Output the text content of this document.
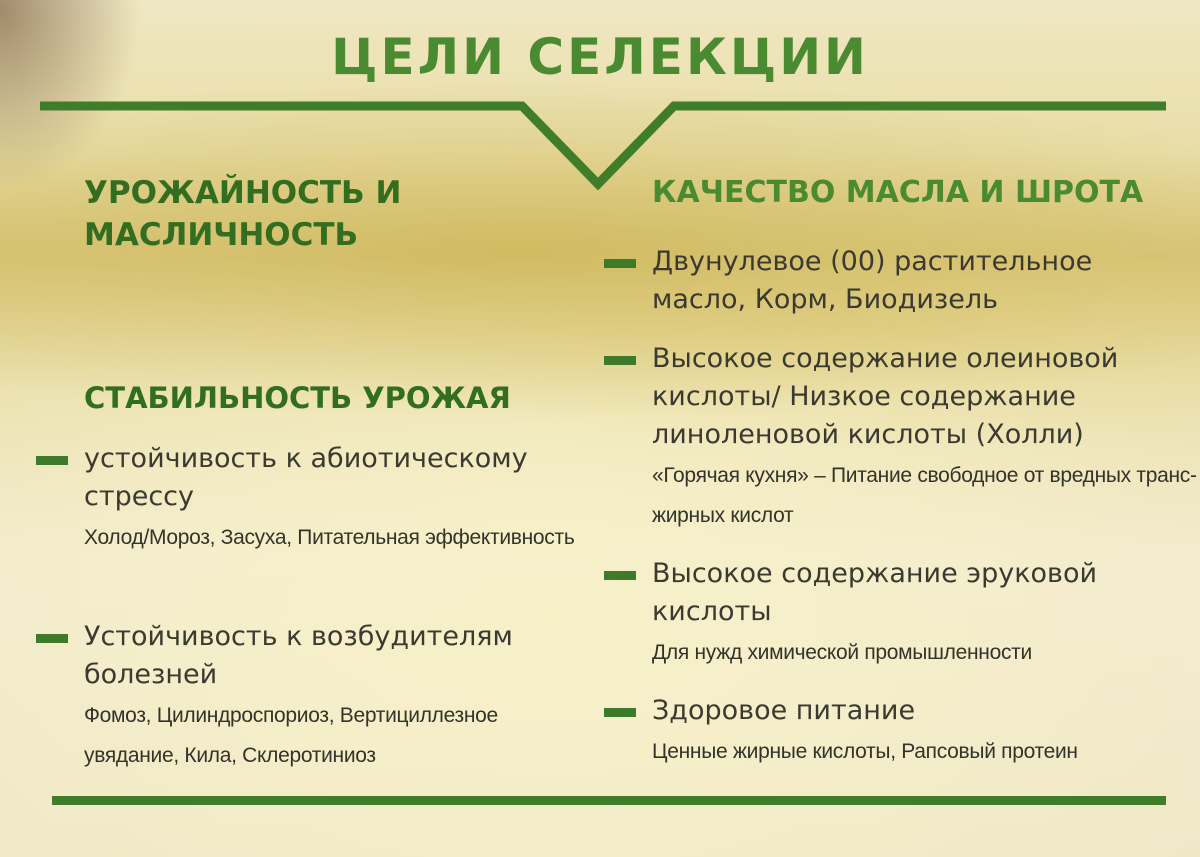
ЦЕЛИ СЕЛЕКЦИИ
УРОЖАЙНОСТЬ И МАСЛИЧНОСТЬ
СТАБИЛЬНОСТЬ УРОЖАЯ
устойчивость к абиотическому стрессу
Холод/Мороз, Засуха, Питательная эффективность
Устойчивость к возбудителям болезней
Фомоз, Цилиндроспориоз, Вертициллезное увядание, Кила, Склеротиниоз
КАЧЕСТВО МАСЛА И ШРОТА
Двунулевое (00) растительное масло, Корм, Биодизель
Высокое содержание олеиновой кислоты/ Низкое содержание линоленовой кислоты (Холли)
«Горячая кухня» – Питание свободное от вредных транс-жирных кислот
Высокое содержание эруковой кислоты
Для нужд химической промышленности
Здоровое питание
Ценные жирные кислоты, Рапсовый протеин
